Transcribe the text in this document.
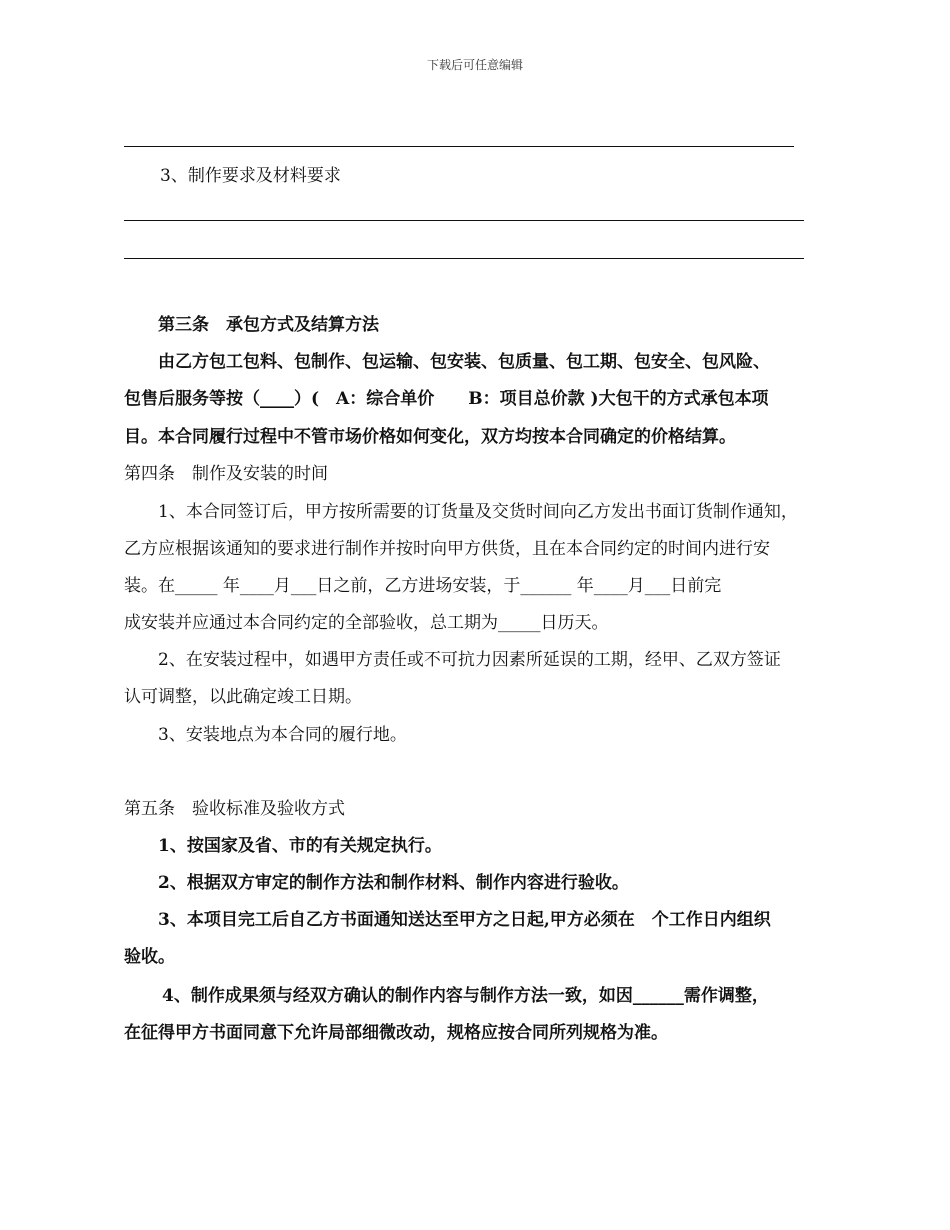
下载后可任意编辑
3、制作要求及材料要求
第三条　承包方式及结算方法
由乙方包工包料、包制作、包运输、包安装、包质量、包工期、包安全、包风险、
包售后服务等按（____）(　A：综合单价　　B：项目总价款 )大包干的方式承包本项
目。本合同履行过程中不管市场价格如何变化，双方均按本合同确定的价格结算。
第四条　制作及安装的时间
1、本合同签订后，甲方按所需要的订货量及交货时间向乙方发出书面订货制作通知，
乙方应根据该通知的要求进行制作并按时向甲方供货，且在本合同约定的时间内进行安
装。在_____ 年____月___日之前，乙方进场安装，于______ 年____月___日前完
成安装并应通过本合同约定的全部验收，总工期为_____日历天。
2、在安装过程中，如遇甲方责任或不可抗力因素所延误的工期，经甲、乙双方签证
认可调整，以此确定竣工日期。
3、安装地点为本合同的履行地。
第五条　验收标准及验收方式
1、按国家及省、市的有关规定执行。
2、根据双方审定的制作方法和制作材料、制作内容进行验收。
3、本项目完工后自乙方书面通知送达至甲方之日起,甲方必须在　个工作日内组织
验收。
4、制作成果须与经双方确认的制作内容与制作方法一致，如因______需作调整，
在征得甲方书面同意下允许局部细微改动，规格应按合同所列规格为准。
